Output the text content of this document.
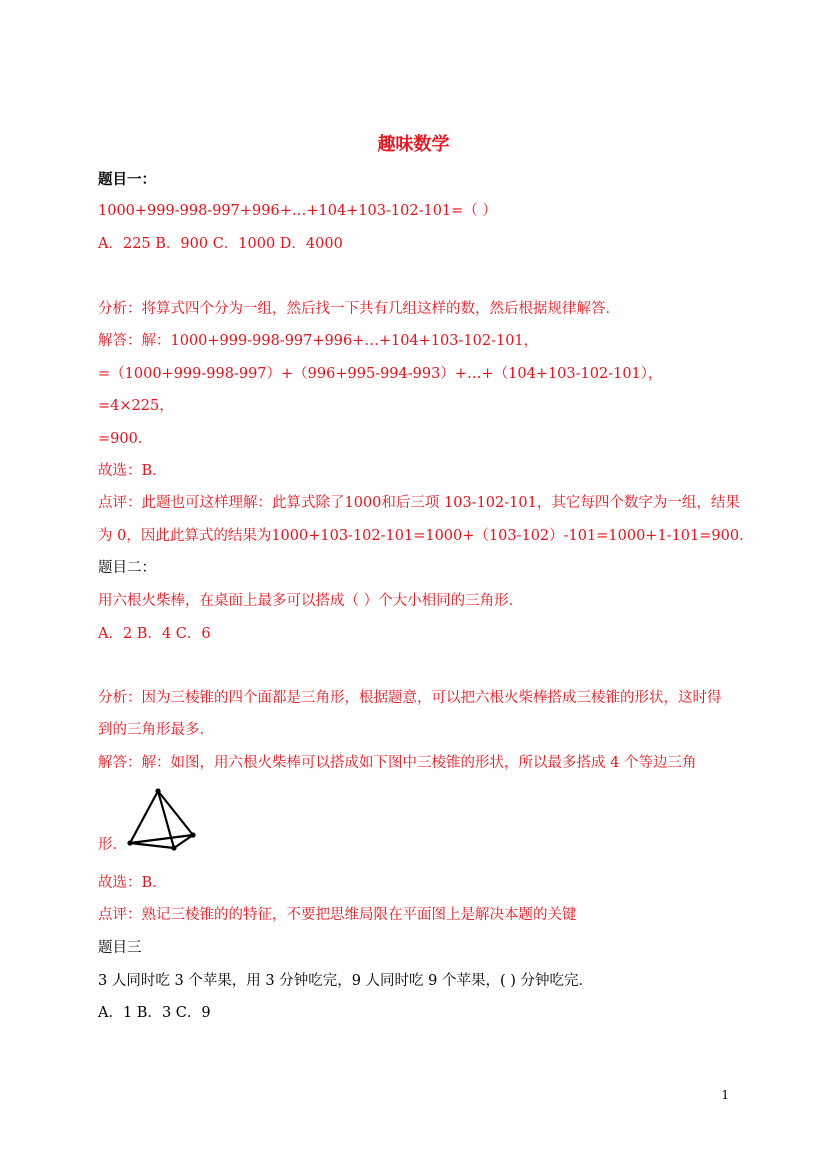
趣味数学
题目一：
1000+999-998-997+996+…+104+103-102-101=（ ）
A．225 B．900 C．1000 D．4000
分析：将算式四个分为一组，然后找一下共有几组这样的数，然后根据规律解答．
解答：解：1000+999-998-997+996+…+104+103-102-101，
=（1000+999-998-997）+（996+995-994-993）+…+（104+103-102-101），
=4×225，
=900．
故选：B．
点评：此题也可这样理解：此算式除了1000和后三项 103-102-101，其它每四个数字为一组，结果
为 0，因此此算式的结果为1000+103-102-101=1000+（103-102）-101=1000+1-101=900．
题目二：
用六根火柴棒，在桌面上最多可以搭成（ ）个大小相同的三角形．
A．2 B．4 C．6
分析：因为三棱锥的四个面都是三角形，根据题意，可以把六根火柴棒搭成三棱锥的形状，这时得
到的三角形最多．
解答：解：如图，用六根火柴棒可以搭成如下图中三棱锥的形状，所以最多搭成 4 个等边三角
形．
故选：B．
点评：熟记三棱锥的的特征，不要把思维局限在平面图上是解决本题的关键
题目三
3 人同时吃 3 个苹果，用 3 分钟吃完，9 人同时吃 9 个苹果，( ) 分钟吃完．
A．1 B．3 C．9
1
